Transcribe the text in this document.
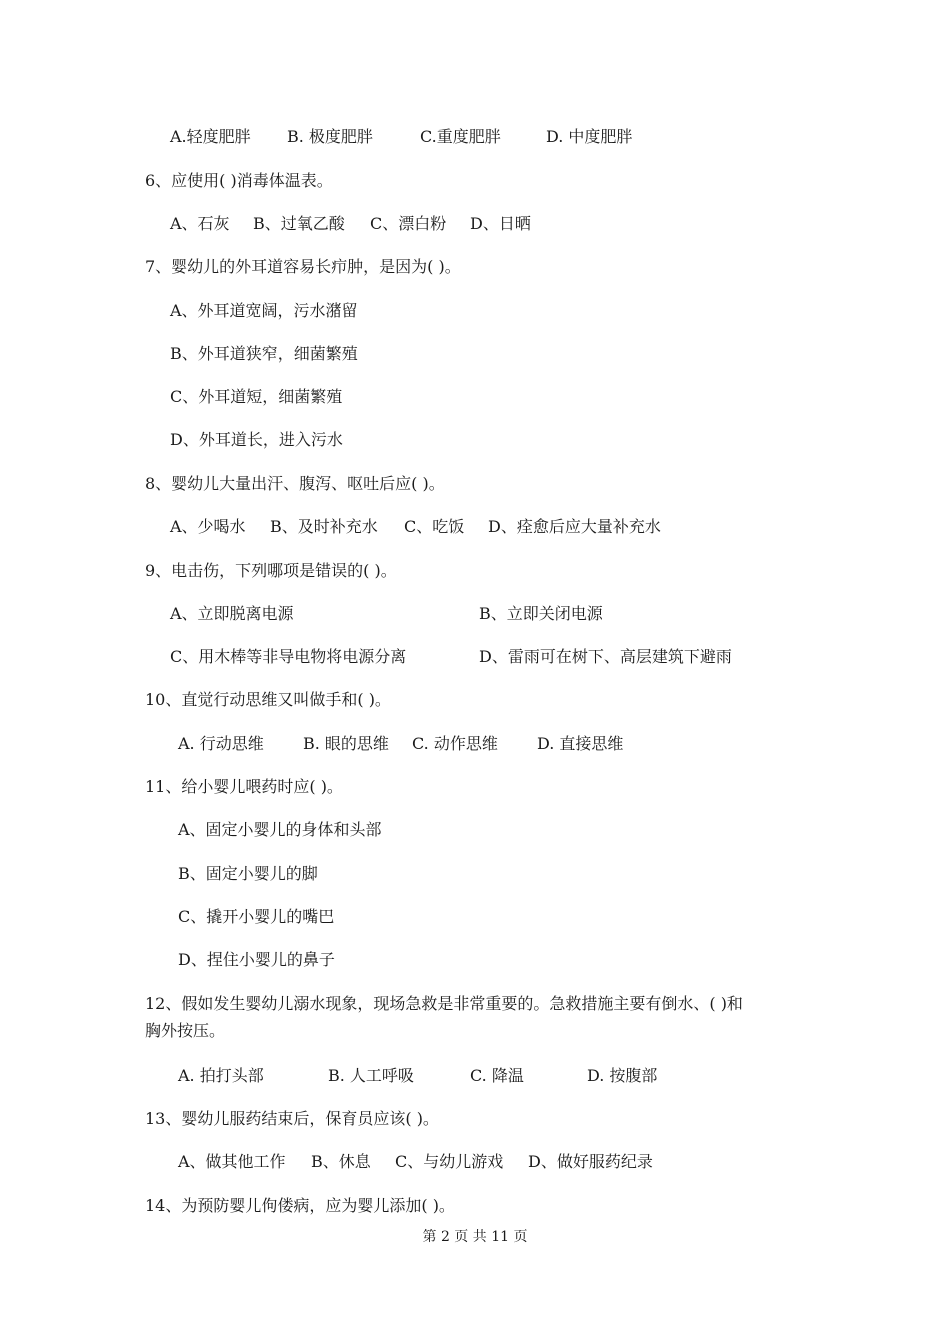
A.轻度肥胖 B. 极度肥胖	C.重度肥胖	D. 中度肥胖
6、应使用( )消毒体温表。
A、石灰 B、过氧乙酸 C、漂白粉 D、日晒
7、婴幼儿的外耳道容易长疖肿，是因为( )。
A、外耳道宽阔，污水潴留
B、外耳道狭窄，细菌繁殖
C、外耳道短，细菌繁殖
D、外耳道长，进入污水
8、婴幼儿大量出汗、腹泻、呕吐后应( )。
A、少喝水 B、及时补充水 C、吃饭 D、痊愈后应大量补充水
9、电击伤，下列哪项是错误的( )。
A、立即脱离电源	B、立即关闭电源
C、用木棒等非导电物将电源分离	D、雷雨可在树下、高层建筑下避雨
10、直觉行动思维又叫做手和( )。
A. 行动思维 B. 眼的思维 C. 动作思维 D. 直接思维
11、给小婴儿喂药时应( )。
A、固定小婴儿的身体和头部
B、固定小婴儿的脚
C、撬开小婴儿的嘴巴
D、捏住小婴儿的鼻子
12、假如发生婴幼儿溺水现象，现场急救是非常重要的。急救措施主要有倒水、( )和
胸外按压。
A. 拍打头部	B. 人工呼吸	C. 降温	D. 按腹部
13、婴幼儿服药结束后，保育员应该( )。
A、做其他工作 B、休息 C、与幼儿游戏 D、做好服药纪录
14、为预防婴儿佝偻病，应为婴儿添加( )。
第 2 页 共 11 页
